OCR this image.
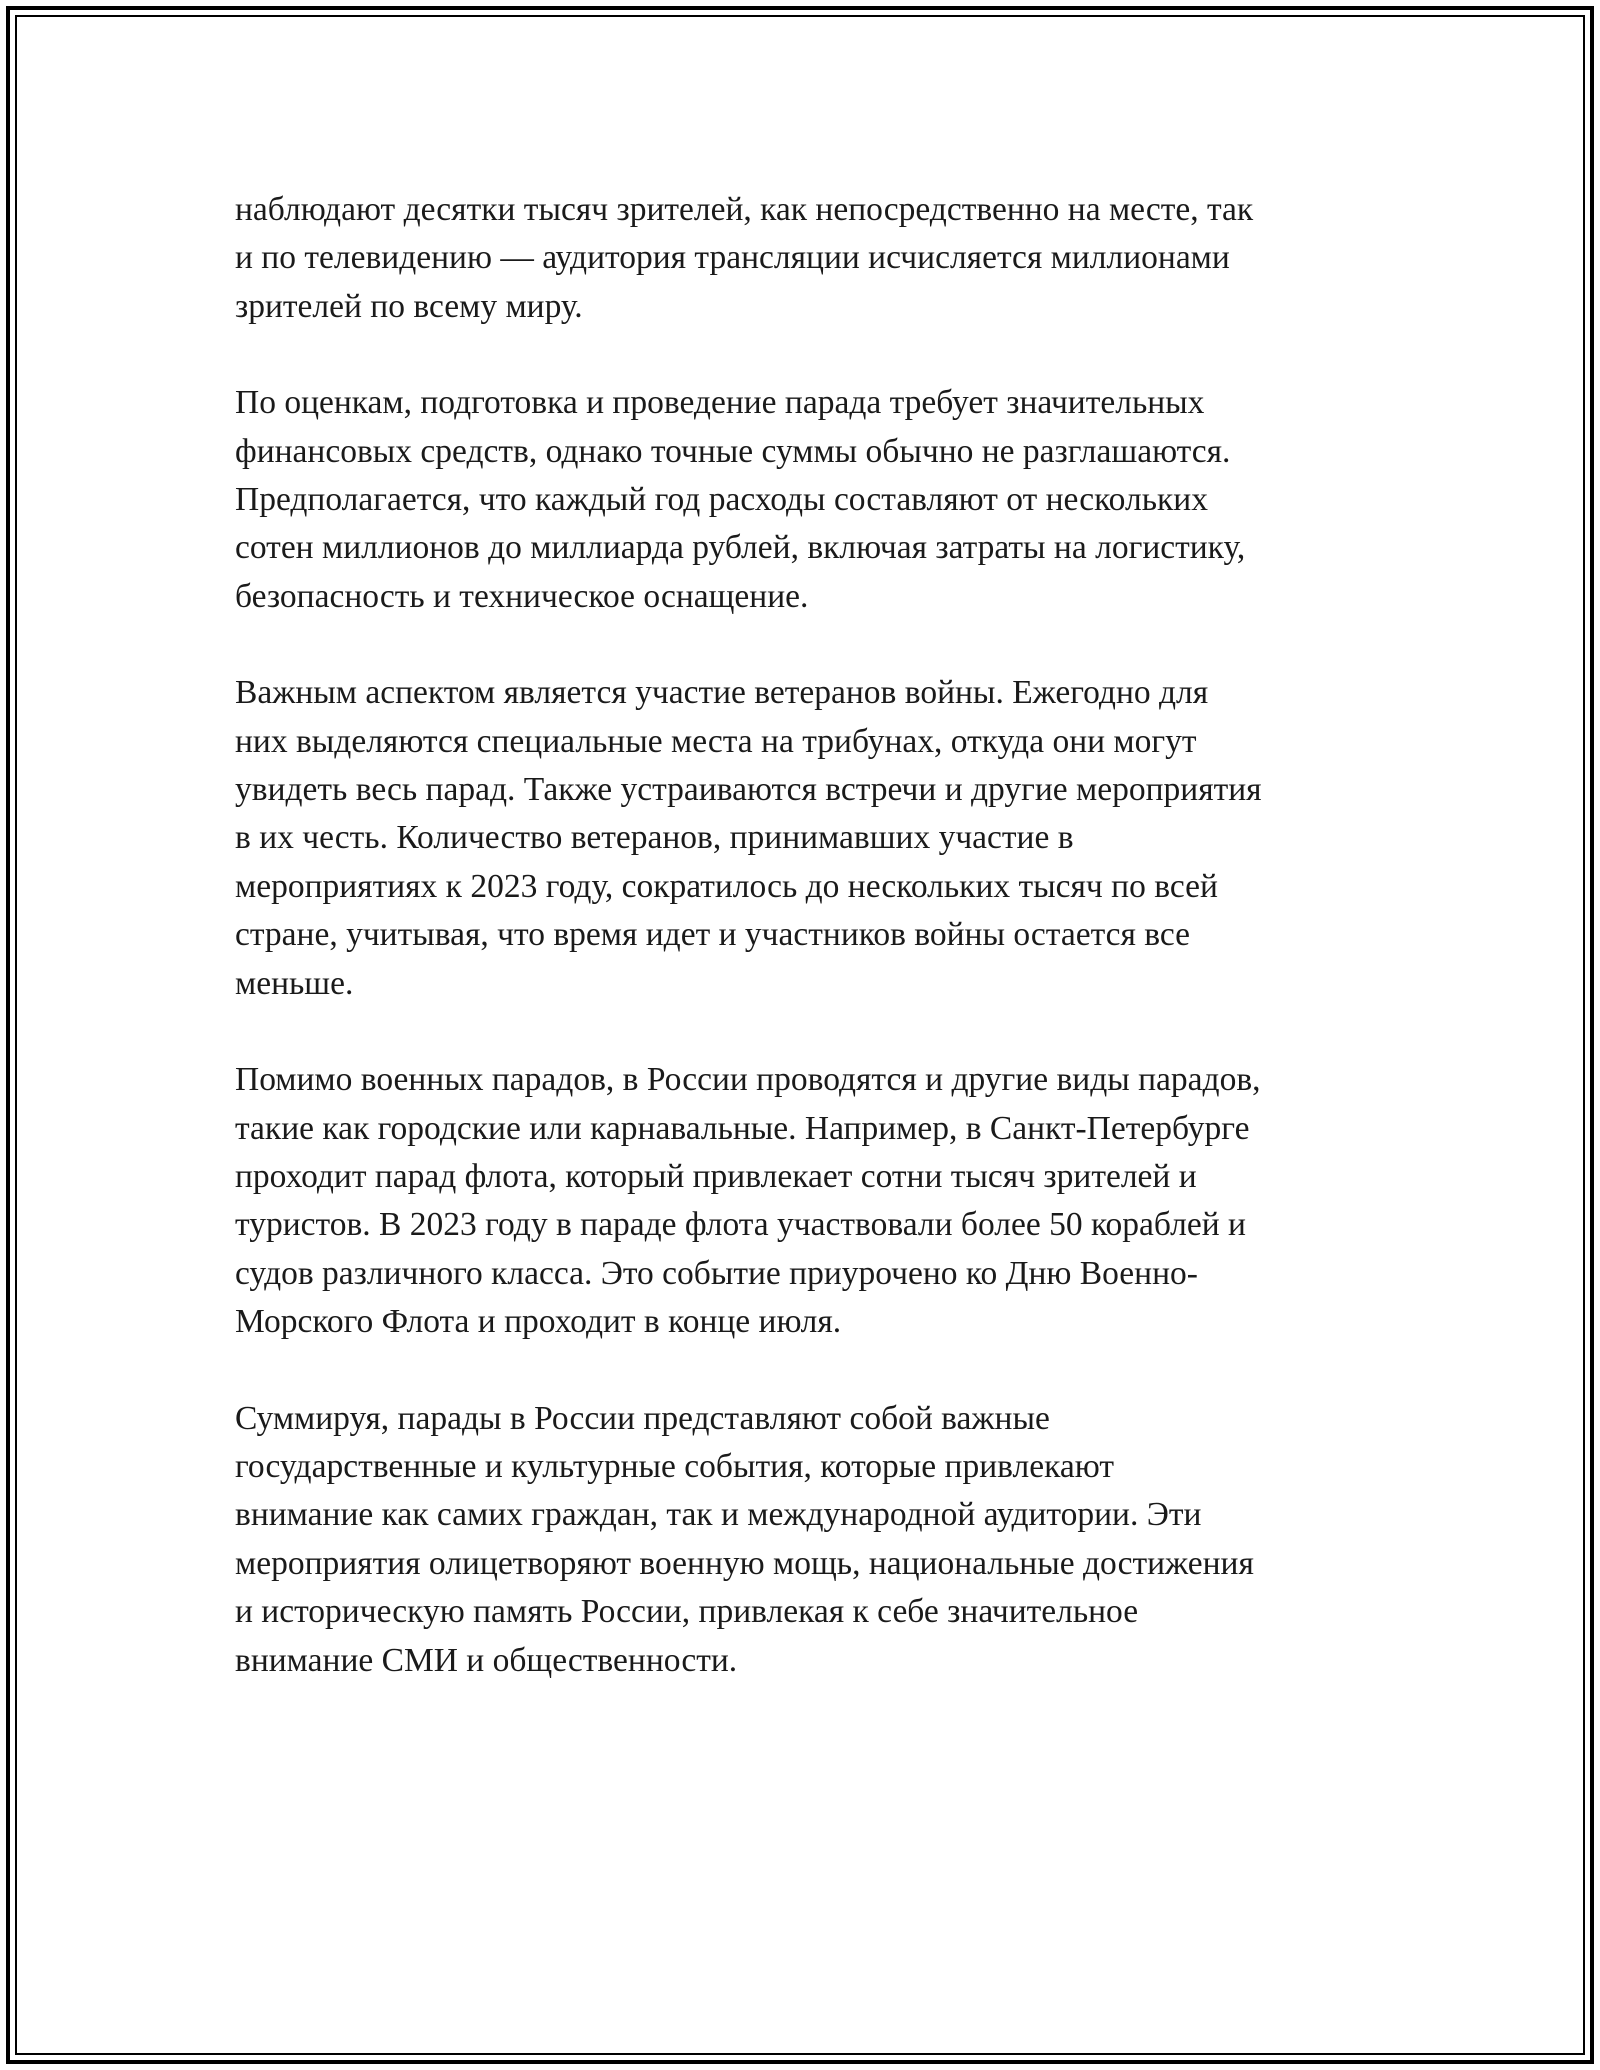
наблюдают десятки тысяч зрителей, как непосредственно на месте, так
и по телевидению — аудитория трансляции исчисляется миллионами
зрителей по всему миру.

По оценкам, подготовка и проведение парада требует значительных
финансовых средств, однако точные суммы обычно не разглашаются.
Предполагается, что каждый год расходы составляют от нескольких
сотен миллионов до миллиарда рублей, включая затраты на логистику,
безопасность и техническое оснащение.

Важным аспектом является участие ветеранов войны. Ежегодно для
них выделяются специальные места на трибунах, откуда они могут
увидеть весь парад. Также устраиваются встречи и другие мероприятия
в их честь. Количество ветеранов, принимавших участие в
мероприятиях к 2023 году, сократилось до нескольких тысяч по всей
стране, учитывая, что время идет и участников войны остается все
меньше.

Помимо военных парадов, в России проводятся и другие виды парадов,
такие как городские или карнавальные. Например, в Санкт-Петербурге
проходит парад флота, который привлекает сотни тысяч зрителей и
туристов. В 2023 году в параде флота участвовали более 50 кораблей и
судов различного класса. Это событие приурочено ко Дню Военно-
Морского Флота и проходит в конце июля.

Суммируя, парады в России представляют собой важные
государственные и культурные события, которые привлекают
внимание как самих граждан, так и международной аудитории. Эти
мероприятия олицетворяют военную мощь, национальные достижения
и историческую память России, привлекая к себе значительное
внимание СМИ и общественности.
